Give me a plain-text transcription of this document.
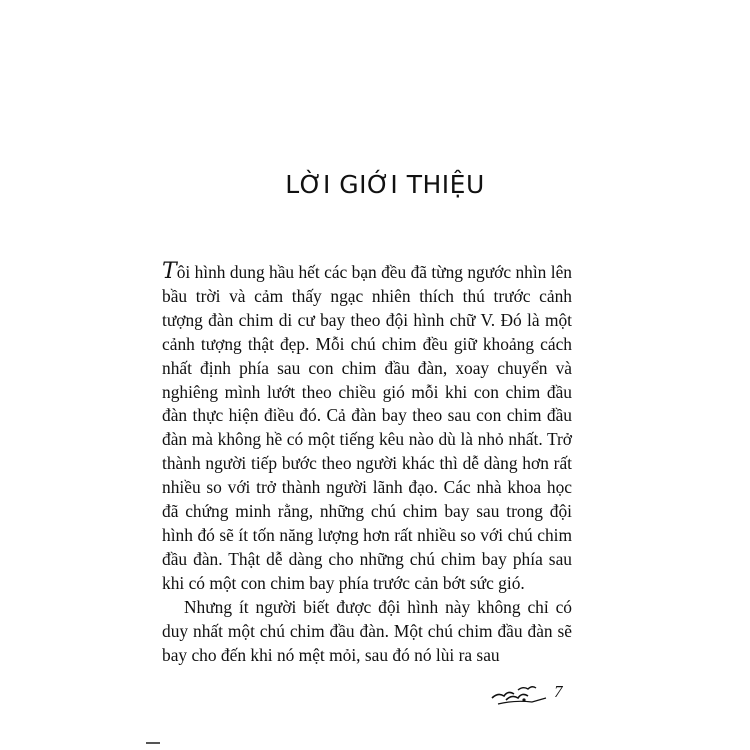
LỜI GIỚI THIỆU

Tôi hình dung hầu hết các bạn đều đã từng ngước nhìn lên bầu trời và cảm thấy ngạc nhiên thích thú trước cảnh tượng đàn chim di cư bay theo đội hình chữ V. Đó là một cảnh tượng thật đẹp. Mỗi chú chim đều giữ khoảng cách nhất định phía sau con chim đầu đàn, xoay chuyển và nghiêng mình lướt theo chiều gió mỗi khi con chim đầu đàn thực hiện điều đó. Cả đàn bay theo sau con chim đầu đàn mà không hề có một tiếng kêu nào dù là nhỏ nhất. Trở thành người tiếp bước theo người khác thì dễ dàng hơn rất nhiều so với trở thành người lãnh đạo. Các nhà khoa học đã chứng minh rằng, những chú chim bay sau trong đội hình đó sẽ ít tốn năng lượng hơn rất nhiều so với chú chim đầu đàn. Thật dễ dàng cho những chú chim bay phía sau khi có một con chim bay phía trước cản bớt sức gió.

Nhưng ít người biết được đội hình này không chỉ có duy nhất một chú chim đầu đàn. Một chú chim đầu đàn sẽ bay cho đến khi nó mệt mỏi, sau đó nó lùi ra sau

7
